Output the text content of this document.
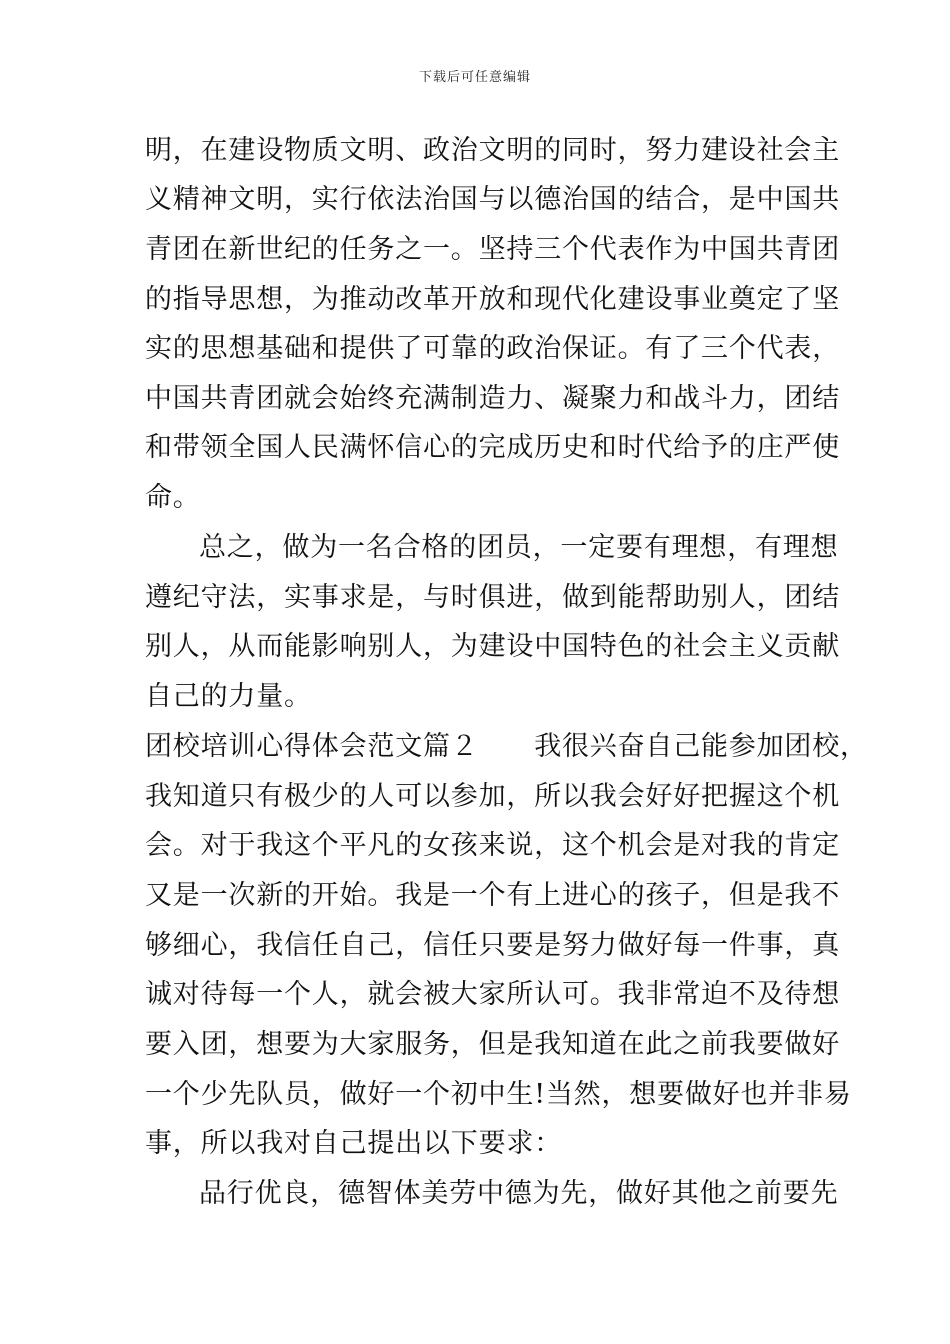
下载后可任意编辑
明，在建设物质文明、政治文明的同时，努力建设社会主
义精神文明，实行依法治国与以德治国的结合，是中国共
青团在新世纪的任务之一。坚持三个代表作为中国共青团
的指导思想，为推动改革开放和现代化建设事业奠定了坚
实的思想基础和提供了可靠的政治保证。有了三个代表，
中国共青团就会始终充满制造力、凝聚力和战斗力，团结
和带领全国人民满怀信心的完成历史和时代给予的庄严使
命。
总之，做为一名合格的团员，一定要有理想，有理想
遵纪守法，实事求是，与时俱进，做到能帮助别人，团结
别人，从而能影响别人，为建设中国特色的社会主义贡献
自己的力量。
团校培训心得体会范文篇２　　我很兴奋自己能参加团校，
我知道只有极少的人可以参加，所以我会好好把握这个机
会。对于我这个平凡的女孩来说，这个机会是对我的肯定
又是一次新的开始。我是一个有上进心的孩子，但是我不
够细心，我信任自己，信任只要是努力做好每一件事，真
诚对待每一个人，就会被大家所认可。我非常迫不及待想
要入团，想要为大家服务，但是我知道在此之前我要做好
一个少先队员，做好一个初中生!当然，想要做好也并非易
事，所以我对自己提出以下要求：
品行优良，德智体美劳中德为先，做好其他之前要先
